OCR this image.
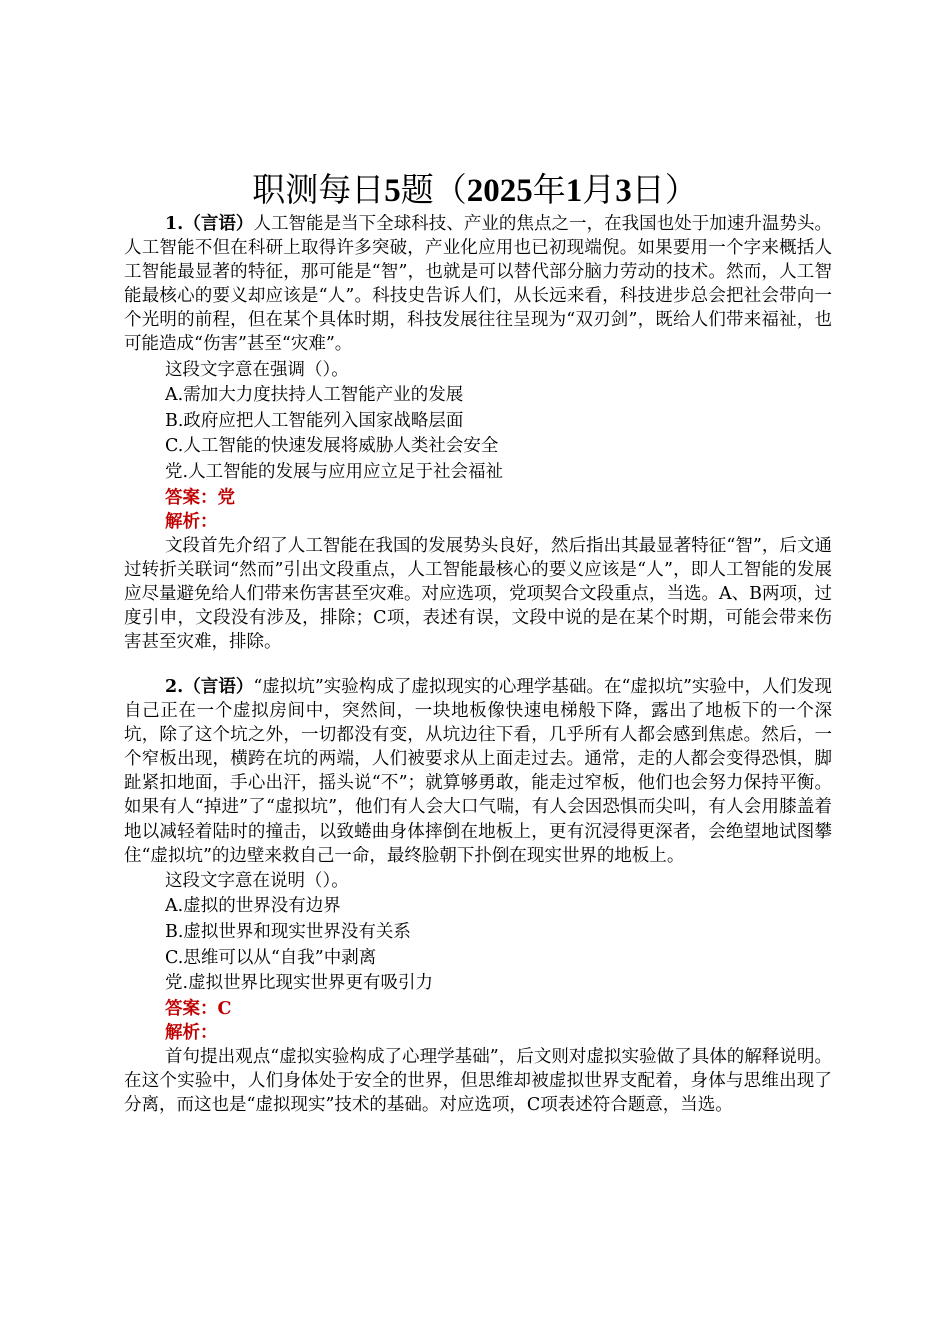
职测每日5题（2025年1月3日）

1.（言语）人工智能是当下全球科技、产业的焦点之一，在我国也处于加速升温势头。人工智能不但在科研上取得许多突破，产业化应用也已初现端倪。如果要用一个字来概括人工智能最显著的特征，那可能是“智”，也就是可以替代部分脑力劳动的技术。然而，人工智能最核心的要义却应该是“人”。科技史告诉人们，从长远来看，科技进步总会把社会带向一个光明的前程，但在某个具体时期，科技发展往往呈现为“双刃剑”，既给人们带来福祉，也可能造成“伤害”甚至“灾难”。

这段文字意在强调（）。

A.需加大力度扶持人工智能产业的发展

B.政府应把人工智能列入国家战略层面

C.人工智能的快速发展将威胁人类社会安全

党.人工智能的发展与应用应立足于社会福祉

答案：党

解析：

文段首先介绍了人工智能在我国的发展势头良好，然后指出其最显著特征“智”，后文通过转折关联词“然而”引出文段重点，人工智能最核心的要义应该是“人”，即人工智能的发展应尽量避免给人们带来伤害甚至灾难。对应选项，党项契合文段重点，当选。A、B两项，过度引申，文段没有涉及，排除；C项，表述有误，文段中说的是在某个时期，可能会带来伤害甚至灾难，排除。

2.（言语）“虚拟坑”实验构成了虚拟现实的心理学基础。在“虚拟坑”实验中，人们发现自己正在一个虚拟房间中，突然间，一块地板像快速电梯般下降，露出了地板下的一个深坑，除了这个坑之外，一切都没有变，从坑边往下看，几乎所有人都会感到焦虑。然后，一个窄板出现，横跨在坑的两端，人们被要求从上面走过去。通常，走的人都会变得恐惧，脚趾紧扣地面，手心出汗，摇头说“不”；就算够勇敢，能走过窄板，他们也会努力保持平衡。如果有人“掉进”了“虚拟坑”，他们有人会大口气喘，有人会因恐惧而尖叫，有人会用膝盖着地以减轻着陆时的撞击，以致蜷曲身体摔倒在地板上，更有沉浸得更深者，会绝望地试图攀住“虚拟坑”的边壁来救自己一命，最终脸朝下扑倒在现实世界的地板上。

这段文字意在说明（）。

A.虚拟的世界没有边界

B.虚拟世界和现实世界没有关系

C.思维可以从“自我”中剥离

党.虚拟世界比现实世界更有吸引力

答案：C

解析：

首句提出观点“虚拟实验构成了心理学基础”，后文则对虚拟实验做了具体的解释说明。在这个实验中，人们身体处于安全的世界，但思维却被虚拟世界支配着，身体与思维出现了分离，而这也是“虚拟现实”技术的基础。对应选项，C项表述符合题意，当选。
